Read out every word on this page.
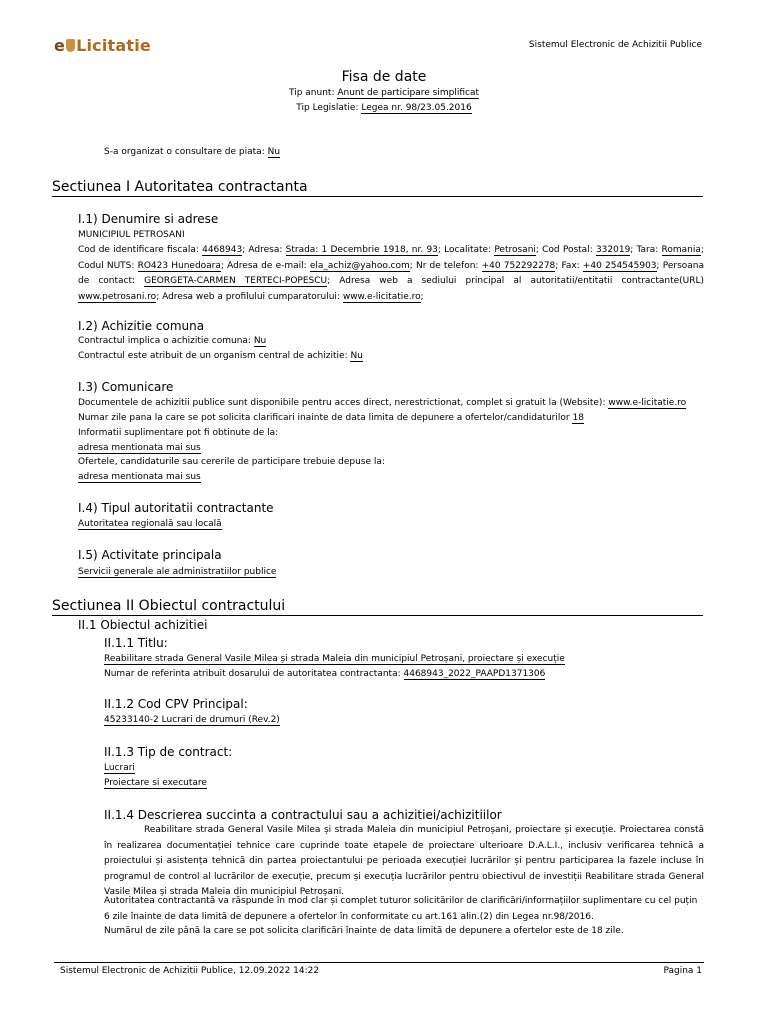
e Licitatie	Sistemul Electronic de Achizitii Publice
Fisa de date
Tip anunt: Anunt de participare simplificat
Tip Legislatie: Legea nr. 98/23.05.2016
S-a organizat o consultare de piata: Nu
Sectiunea I Autoritatea contractanta
I.1) Denumire si adrese
MUNICIPIUL PETROSANI
Cod de identificare fiscala: 4468943; Adresa: Strada: 1 Decembrie 1918, nr. 93; Localitate: Petrosani; Cod Postal: 332019; Tara: Romania; Codul NUTS: RO423 Hunedoara; Adresa de e-mail: ela_achiz@yahoo.com; Nr de telefon: +40 752292278; Fax: +40 254545903; Persoana de contact: GEORGETA-CARMEN TERTECI-POPESCU; Adresa web a sediului principal al autoritatii/entitatii contractante(URL) www.petrosani.ro; Adresa web a profilului cumparatorului: www.e-licitatie.ro;
I.2) Achizitie comuna
Contractul implica o achizitie comuna: Nu
Contractul este atribuit de un organism central de achizitie: Nu
I.3) Comunicare
Documentele de achizitii publice sunt disponibile pentru acces direct, nerestrictionat, complet si gratuit la (Website): www.e-licitatie.ro
Numar zile pana la care se pot solicita clarificari inainte de data limita de depunere a ofertelor/candidaturilor 18
Informatii suplimentare pot fi obtinute de la:
adresa mentionata mai sus
Ofertele, candidaturile sau cererile de participare trebuie depuse la:
adresa mentionata mai sus
I.4) Tipul autoritatii contractante
Autoritatea regională sau locală
I.5) Activitate principala
Servicii generale ale administratiilor publice
Sectiunea II Obiectul contractului
II.1 Obiectul achizitiei
II.1.1 Titlu:
Reabilitare strada General Vasile Milea și strada Maleia din municipiul Petroșani, proiectare și execuție
Numar de referinta atribuit dosarului de autoritatea contractanta: 4468943_2022_PAAPD1371306
II.1.2 Cod CPV Principal:
45233140-2 Lucrari de drumuri (Rev.2)
II.1.3 Tip de contract:
Lucrari
Proiectare si executare
II.1.4 Descrierea succinta a contractului sau a achizitiei/achizitiilor
Reabilitare strada General Vasile Milea și strada Maleia din municipiul Petroșani, proiectare și execuție. Proiectarea constă în realizarea documentației tehnice care cuprinde toate etapele de proiectare ulterioare D.A.L.I., inclusiv verificarea tehnică a proiectului și asistența tehnică din partea proiectantului pe perioada execuției lucrărilor și pentru participarea la fazele incluse în programul de control al lucrărilor de execuție, precum și execuția lucrărilor pentru obiectivul de investiții Reabilitare strada General Vasile Milea și strada Maleia din municipiul Petroșani.
Autoritatea contractantă va răspunde în mod clar și complet tuturor solicitărilor de clarificări/informațiilor suplimentare cu cel puțin 6 zile înainte de data limită de depunere a ofertelor în conformitate cu art.161 alin.(2) din Legea nr.98/2016.
Numărul de zile până la care se pot solicita clarificări înainte de data limită de depunere a ofertelor este de 18 zile.
Sistemul Electronic de Achizitii Publice, 12.09.2022 14:22	Pagina 1
